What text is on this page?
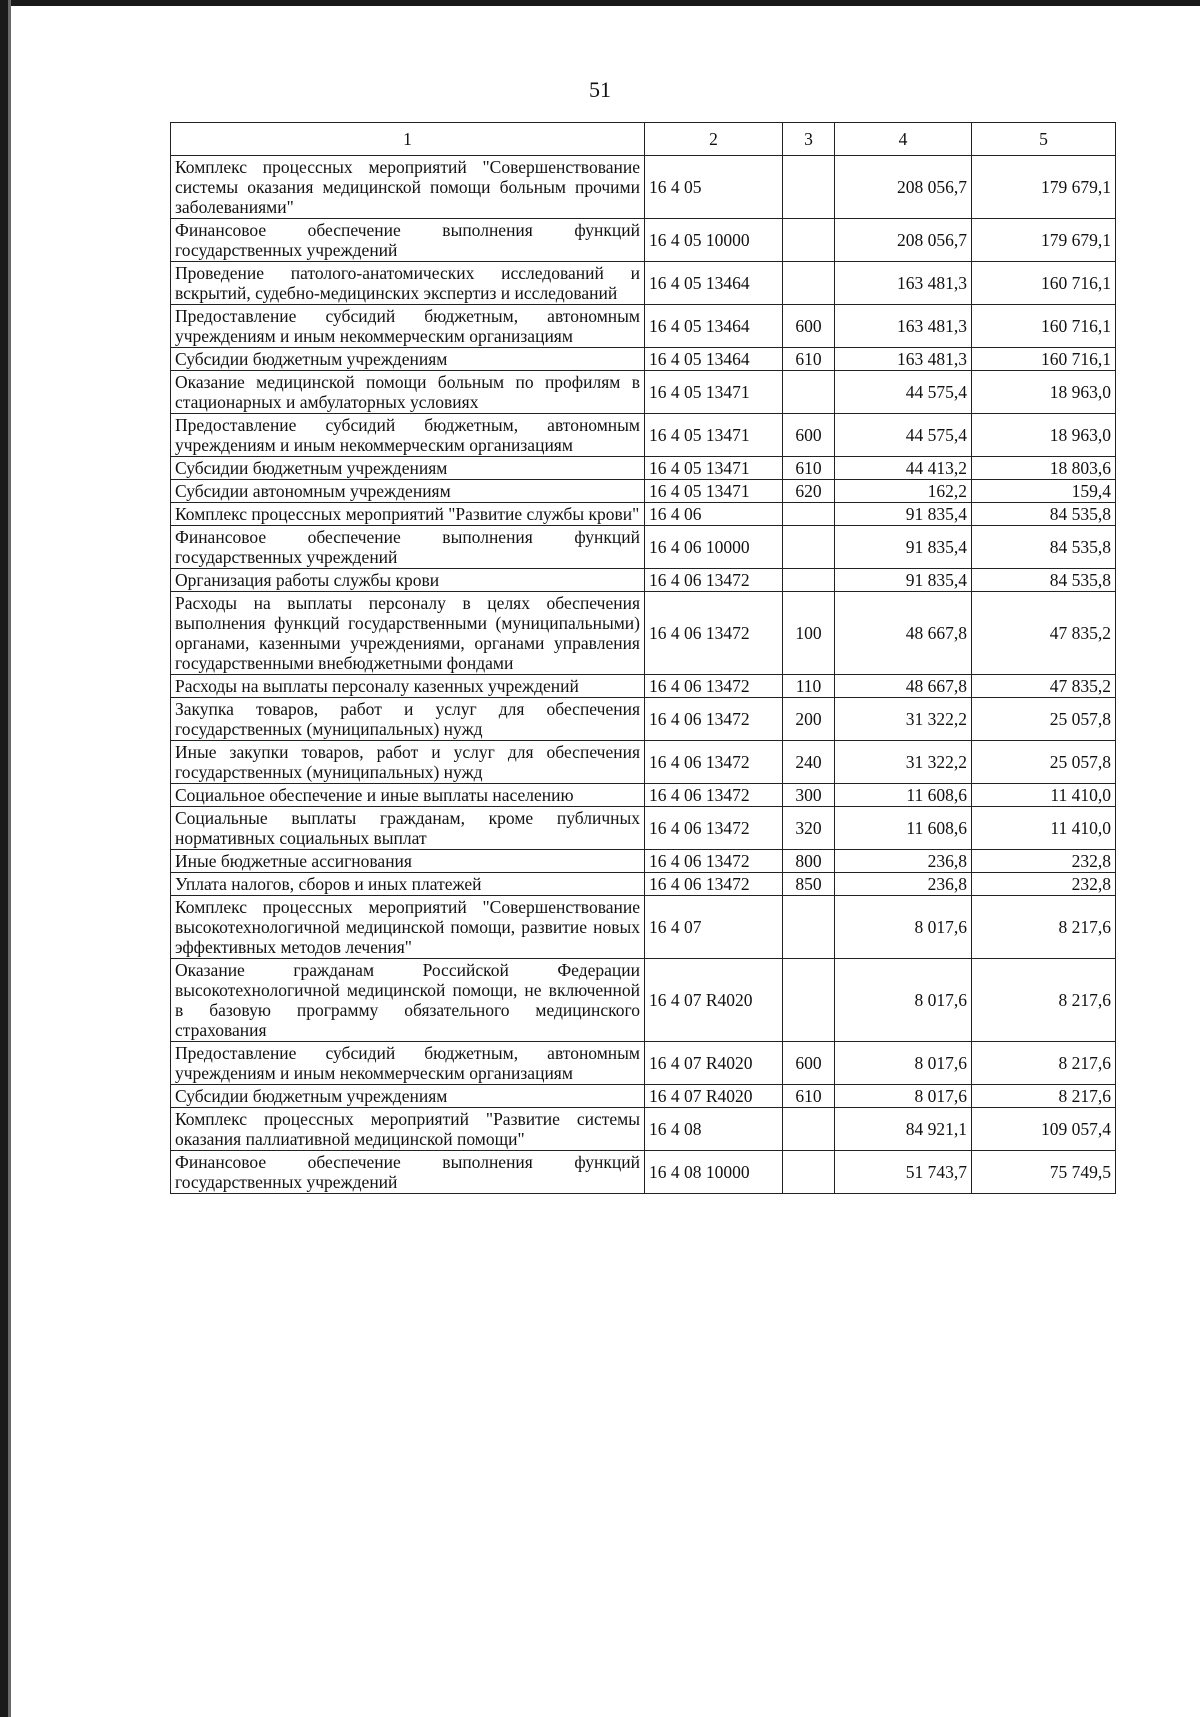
51
1	2	3	4	5
Комплекс процессных мероприятий "Совершенствование системы оказания медицинской помощи больным прочими заболеваниями"	16 4 05		208 056,7	179 679,1
Финансовое обеспечение выполнения функций государственных учреждений	16 4 05 10000		208 056,7	179 679,1
Проведение патолого-анатомических исследований и вскрытий, судебно-медицинских экспертиз и исследований	16 4 05 13464		163 481,3	160 716,1
Предоставление субсидий бюджетным, автономным учреждениям и иным некоммерческим организациям	16 4 05 13464	600	163 481,3	160 716,1
Субсидии бюджетным учреждениям	16 4 05 13464	610	163 481,3	160 716,1
Оказание медицинской помощи больным по профилям в стационарных и амбулаторных условиях	16 4 05 13471		44 575,4	18 963,0
Предоставление субсидий бюджетным, автономным учреждениям и иным некоммерческим организациям	16 4 05 13471	600	44 575,4	18 963,0
Субсидии бюджетным учреждениям	16 4 05 13471	610	44 413,2	18 803,6
Субсидии автономным учреждениям	16 4 05 13471	620	162,2	159,4
Комплекс процессных мероприятий "Развитие службы крови"	16 4 06		91 835,4	84 535,8
Финансовое обеспечение выполнения функций государственных учреждений	16 4 06 10000		91 835,4	84 535,8
Организация работы службы крови	16 4 06 13472		91 835,4	84 535,8
Расходы на выплаты персоналу в целях обеспечения выполнения функций государственными (муниципальными) органами, казенными учреждениями, органами управления государственными внебюджетными фондами	16 4 06 13472	100	48 667,8	47 835,2
Расходы на выплаты персоналу казенных учреждений	16 4 06 13472	110	48 667,8	47 835,2
Закупка товаров, работ и услуг для обеспечения государственных (муниципальных) нужд	16 4 06 13472	200	31 322,2	25 057,8
Иные закупки товаров, работ и услуг для обеспечения государственных (муниципальных) нужд	16 4 06 13472	240	31 322,2	25 057,8
Социальное обеспечение и иные выплаты населению	16 4 06 13472	300	11 608,6	11 410,0
Социальные выплаты гражданам, кроме публичных нормативных социальных выплат	16 4 06 13472	320	11 608,6	11 410,0
Иные бюджетные ассигнования	16 4 06 13472	800	236,8	232,8
Уплата налогов, сборов и иных платежей	16 4 06 13472	850	236,8	232,8
Комплекс процессных мероприятий "Совершенствование высокотехнологичной медицинской помощи, развитие новых эффективных методов лечения"	16 4 07		8 017,6	8 217,6
Оказание гражданам Российской Федерации высокотехнологичной медицинской помощи, не включенной в базовую программу обязательного медицинского страхования	16 4 07 R4020		8 017,6	8 217,6
Предоставление субсидий бюджетным, автономным учреждениям и иным некоммерческим организациям	16 4 07 R4020	600	8 017,6	8 217,6
Субсидии бюджетным учреждениям	16 4 07 R4020	610	8 017,6	8 217,6
Комплекс процессных мероприятий "Развитие системы оказания паллиативной медицинской помощи"	16 4 08		84 921,1	109 057,4
Финансовое обеспечение выполнения функций государственных учреждений	16 4 08 10000		51 743,7	75 749,5
